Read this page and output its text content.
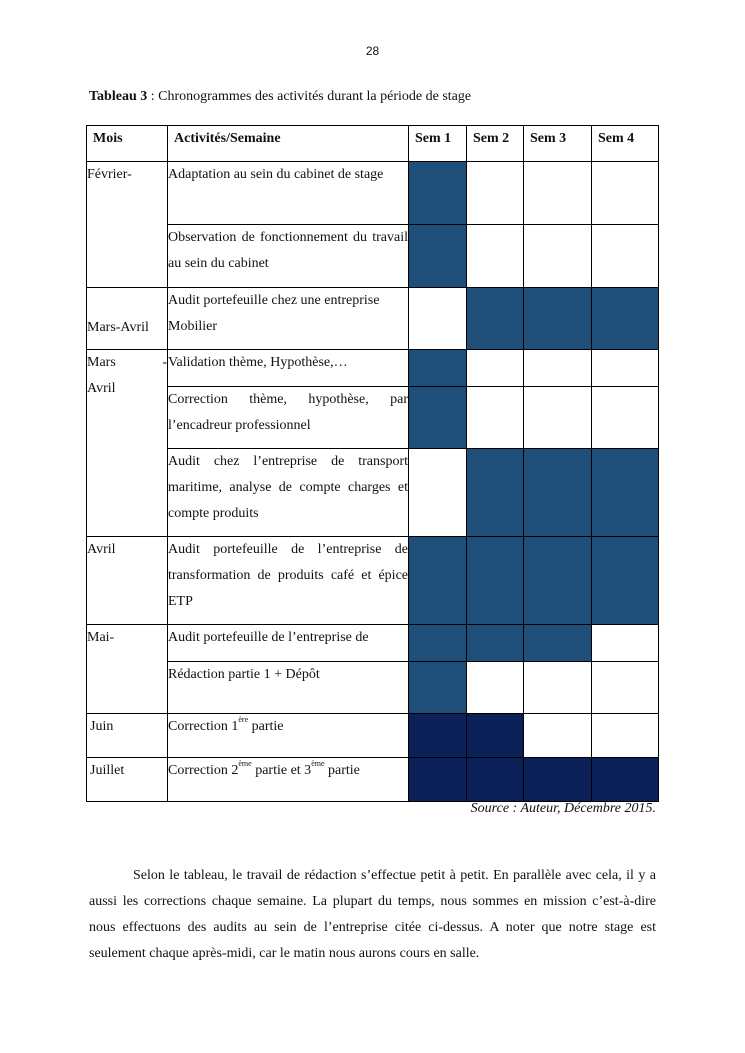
28
Tableau 3 : Chronogrammes des activités durant la période de stage
Mois	Activités/Semaine	Sem 1	Sem 2	Sem 3	Sem 4
Février-	Adaptation au sein du cabinet de stage				
	Observation de fonctionnement du travail au sein du cabinet				
Mars-Avril	Audit portefeuille chez une entreprise Mobilier				

Mars -
Avril	Validation thème, Hypothèse,…				
	Correction thème, hypothèse, par l’encadreur professionnel				
	Audit chez l’entreprise de transport maritime, analyse de compte charges et compte produits				
Avril	Audit portefeuille de l’entreprise de transformation de produits café et épice ETP				
Mai-	Audit portefeuille de l’entreprise de				
	Rédaction partie 1 + Dépôt				
Juin	Correction 1ère partie				
Juillet	Correction 2ème partie et 3ème partie				
Source : Auteur, Décembre 2015.

Selon le tableau, le travail de rédaction s’effectue petit à petit. En parallèle avec cela, il y a aussi les corrections chaque semaine. La plupart du temps, nous sommes en mission c’est-à-dire nous effectuons des audits au sein de l’entreprise citée ci-dessus. A noter que notre stage est seulement chaque après-midi, car le matin nous aurons cours en salle.
